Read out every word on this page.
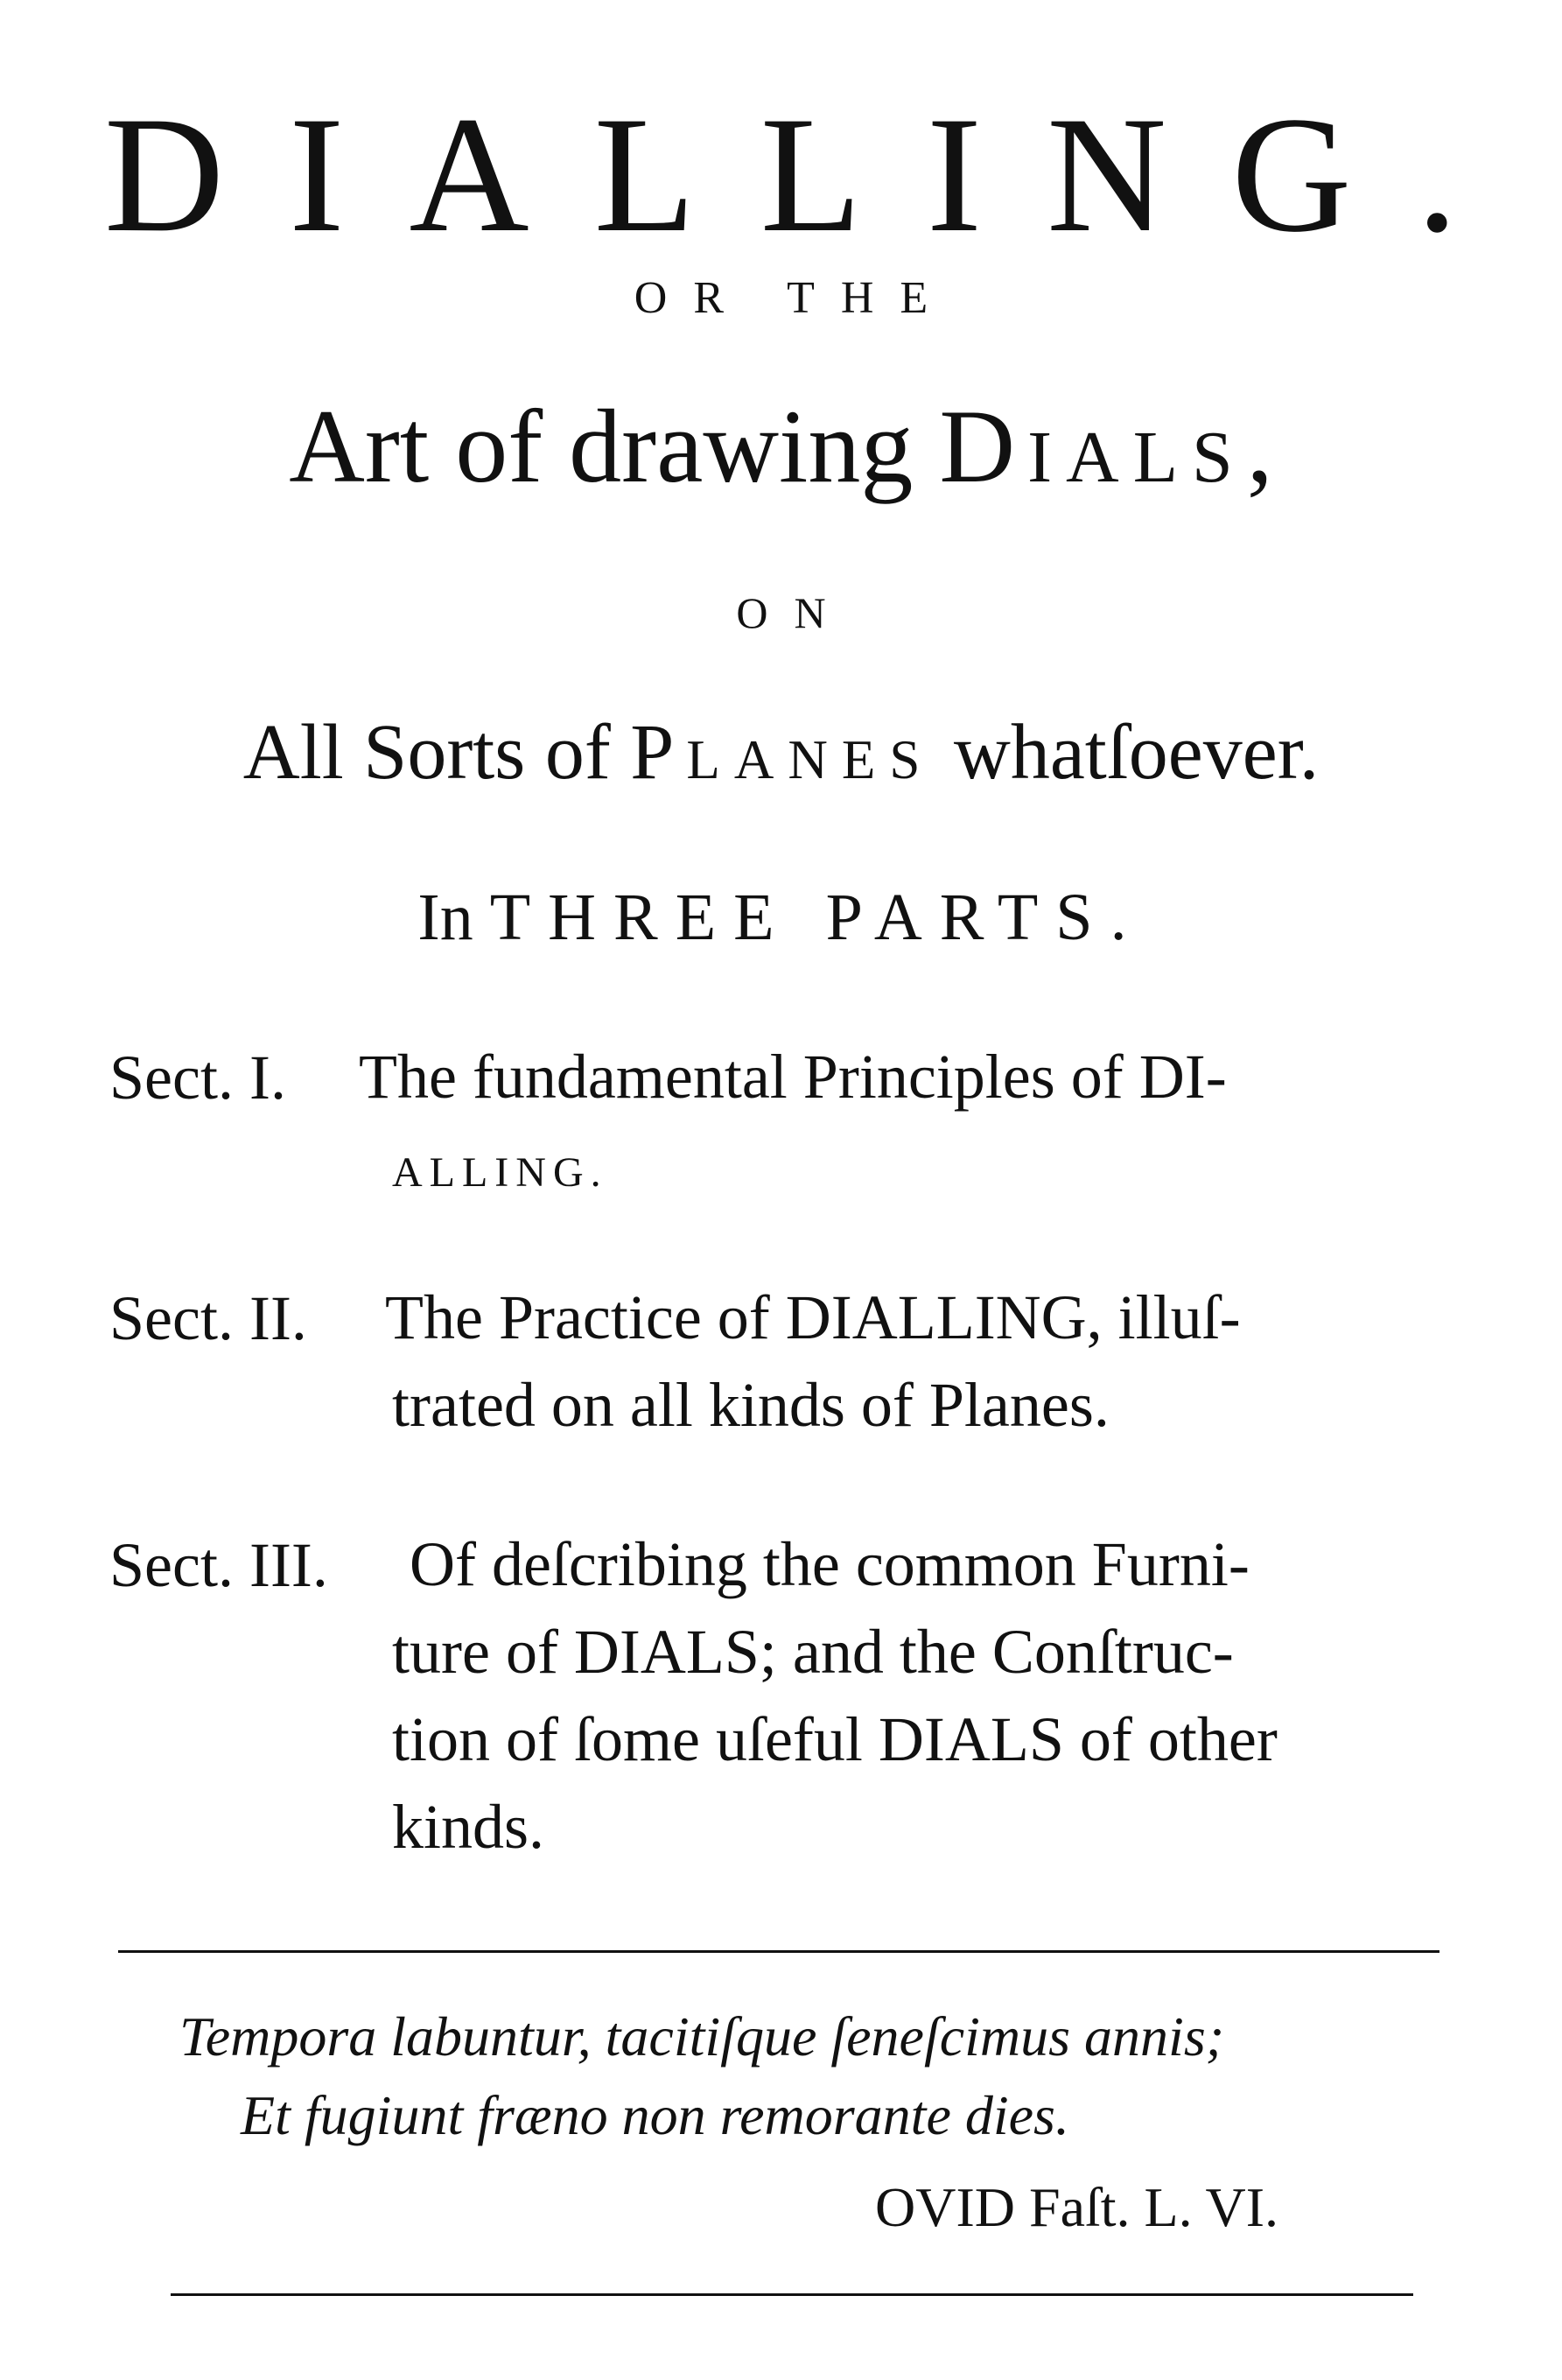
DIALLING.
OR THE
Art of drawing DIALS,
ON
All Sorts of PLANES whatſoever.
In THREE PARTS.
Sect. I. The fundamental Principles of DI-
ALLING.
Sect. II. The Practice of DIALLING, illuſ-
trated on all kinds of Planes.
Sect. III. Of deſcribing the common Furni-
ture of DIALS; and the Conſtruc-
tion of ſome uſeful DIALS of other
kinds.
Tempora labuntur, tacitiſque ſeneſcimus annis;
Et fugiunt fræno non remorante dies.
OVID Faſt. L. VI.
